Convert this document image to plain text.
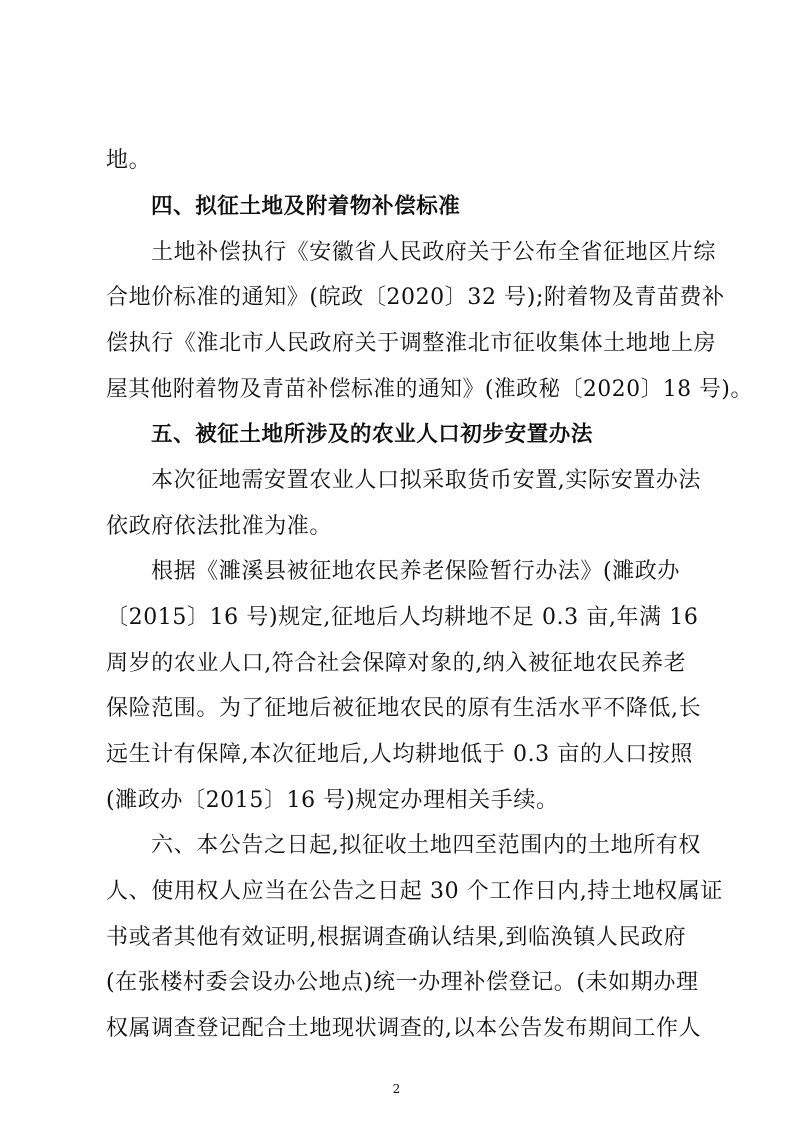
地。
四、拟征土地及附着物补偿标准
土地补偿执行《安徽省人民政府关于公布全省征地区片综
合地价标准的通知》(皖政〔2020〕32 号);附着物及青苗费补
偿执行《淮北市人民政府关于调整淮北市征收集体土地地上房
屋其他附着物及青苗补偿标准的通知》(淮政秘〔2020〕18 号)。
五、被征土地所涉及的农业人口初步安置办法
本次征地需安置农业人口拟采取货币安置,实际安置办法
依政府依法批准为准。
根据《濉溪县被征地农民养老保险暂行办法》(濉政办
〔2015〕16 号)规定,征地后人均耕地不足 0.3 亩,年满 16
周岁的农业人口,符合社会保障对象的,纳入被征地农民养老
保险范围。为了征地后被征地农民的原有生活水平不降低,长
远生计有保障,本次征地后,人均耕地低于 0.3 亩的人口按照
(濉政办〔2015〕16 号)规定办理相关手续。
六、本公告之日起,拟征收土地四至范围内的土地所有权
人、使用权人应当在公告之日起 30 个工作日内,持土地权属证
书或者其他有效证明,根据调查确认结果,到临涣镇人民政府
(在张楼村委会设办公地点)统一办理补偿登记。(未如期办理
权属调查登记配合土地现状调查的,以本公告发布期间工作人
2
